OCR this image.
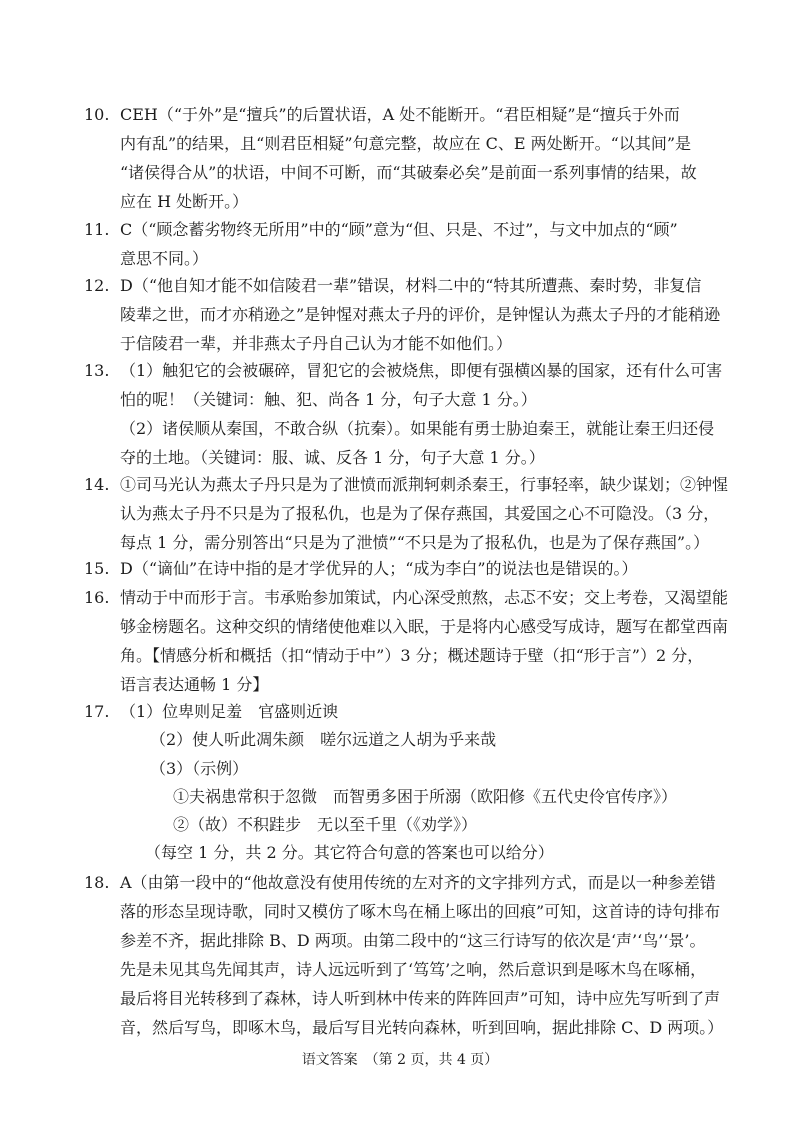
10. CEH（“于外”是“擅兵”的后置状语，A 处不能断开。“君臣相疑”是“擅兵于外而
内有乱”的结果，且“则君臣相疑”句意完整，故应在 C、E 两处断开。“以其间”是
“诸侯得合从”的状语，中间不可断，而“其破秦必矣”是前面一系列事情的结果，故
应在 H 处断开。）
11. C（“顾念蓄劣物终无所用”中的“顾”意为“但、只是、不过”，与文中加点的“顾”
意思不同。）
12. D（“他自知才能不如信陵君一辈”错误，材料二中的“特其所遭燕、秦时势，非复信
陵辈之世，而才亦稍逊之”是钟惺对燕太子丹的评价，是钟惺认为燕太子丹的才能稍逊
于信陵君一辈，并非燕太子丹自己认为才能不如他们。）
13. （1）触犯它的会被碾碎，冒犯它的会被烧焦，即便有强横凶暴的国家，还有什么可害
怕的呢！（关键词：触、犯、尚各 1 分，句子大意 1 分。）
（2）诸侯顺从秦国，不敢合纵（抗秦）。如果能有勇士胁迫秦王，就能让秦王归还侵
夺的土地。（关键词：服、诚、反各 1 分，句子大意 1 分。）
14. ①司马光认为燕太子丹只是为了泄愤而派荆轲刺杀秦王，行事轻率，缺少谋划；②钟惺
认为燕太子丹不只是为了报私仇，也是为了保存燕国，其爱国之心不可隐没。（3 分，
每点 1 分，需分别答出“只是为了泄愤”“不只是为了报私仇，也是为了保存燕国”。）
15. D（“谪仙”在诗中指的是才学优异的人；“成为李白”的说法也是错误的。）
16. 情动于中而形于言。韦承贻参加策试，内心深受煎熬，忐忑不安；交上考卷，又渴望能
够金榜题名。这种交织的情绪使他难以入眠，于是将内心感受写成诗，题写在都堂西南
角。【情感分析和概括（扣“情动于中”）3 分；概述题诗于壁（扣“形于言”）2 分，
语言表达通畅 1 分】
17. （1）位卑则足羞　官盛则近谀
（2）使人听此凋朱颜　嗟尔远道之人胡为乎来哉
（3）（示例）
①夫祸患常积于忽微　而智勇多困于所溺（欧阳修《五代史伶官传序》）
②（故）不积跬步　无以至千里（《劝学》）
（每空 1 分，共 2 分。其它符合句意的答案也可以给分）
18. A（由第一段中的“他故意没有使用传统的左对齐的文字排列方式，而是以一种参差错
落的形态呈现诗歌，同时又模仿了啄木鸟在桶上啄出的回痕”可知，这首诗的诗句排布
参差不齐，据此排除 B、D 两项。由第二段中的“这三行诗写的依次是‘声’‘鸟’‘景’。
先是未见其鸟先闻其声，诗人远远听到了‘笃笃’之响，然后意识到是啄木鸟在啄桶，
最后将目光转移到了森林，诗人听到林中传来的阵阵回声”可知，诗中应先写听到了声
音，然后写鸟，即啄木鸟，最后写目光转向森林，听到回响，据此排除 C、D 两项。）
语文答案　（第 2 页，共 4 页）
